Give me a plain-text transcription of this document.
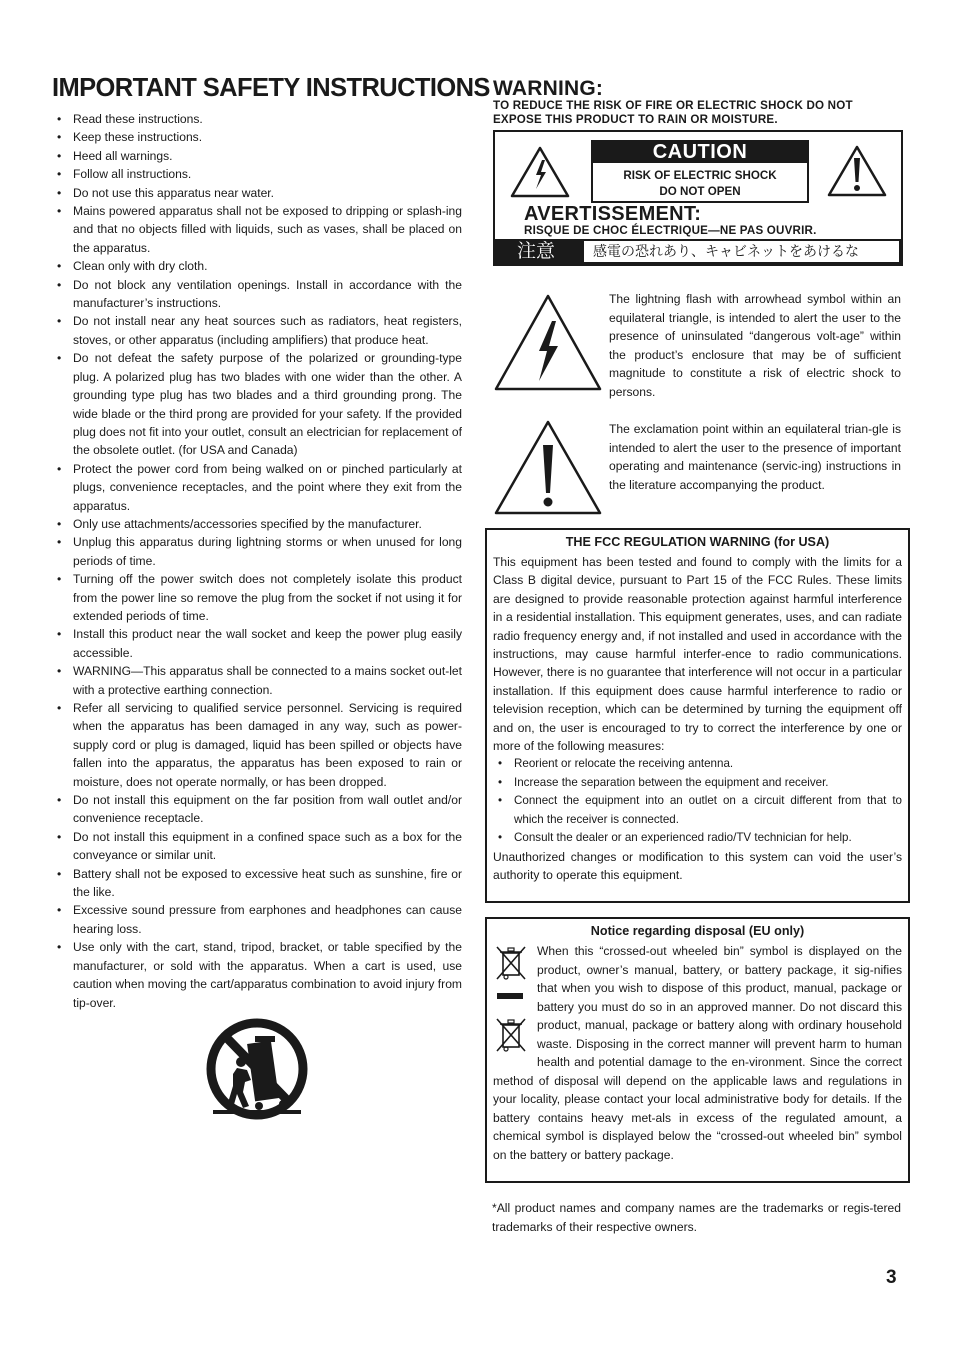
IMPORTANT SAFETY INSTRUCTIONS
• Read these instructions.
• Keep these instructions.
• Heed all warnings.
• Follow all instructions.
• Do not use this apparatus near water.
• Mains powered apparatus shall not be exposed to dripping or splash-ing and that no objects filled with liquids, such as vases, shall be placed on the apparatus.
• Clean only with dry cloth.
• Do not block any ventilation openings. Install in accordance with the manufacturer’s instructions.
• Do not install near any heat sources such as radiators, heat registers, stoves, or other apparatus (including amplifiers) that produce heat.
• Do not defeat the safety purpose of the polarized or grounding-type plug. A polarized plug has two blades with one wider than the other. A grounding type plug has two blades and a third grounding prong. The wide blade or the third prong are provided for your safety. If the provided plug does not fit into your outlet, consult an electrician for replacement of the obsolete outlet. (for USA and Canada)
• Protect the power cord from being walked on or pinched particularly at plugs, convenience receptacles, and the point where they exit from the apparatus.
• Only use attachments/accessories specified by the manufacturer.
• Unplug this apparatus during lightning storms or when unused for long periods of time.
• Turning off the power switch does not completely isolate this product from the power line so remove the plug from the socket if not using it for extended periods of time.
• Install this product near the wall socket and keep the power plug easily accessible.
• WARNING—This apparatus shall be connected to a mains socket out-let with a protective earthing connection.
• Refer all servicing to qualified service personnel. Servicing is required when the apparatus has been damaged in any way, such as power-supply cord or plug is damaged, liquid has been spilled or objects have fallen into the apparatus, the apparatus has been exposed to rain or moisture, does not operate normally, or has been dropped.
• Do not install this equipment on the far position from wall outlet and/or convenience receptacle.
• Do not install this equipment in a confined space such as a box for the conveyance or similar unit.
• Battery shall not be exposed to excessive heat such as sunshine, fire or the like.
• Excessive sound pressure from earphones and headphones can cause hearing loss.
• Use only with the cart, stand, tripod, bracket, or table specified by the manufacturer, or sold with the apparatus. When a cart is used, use caution when moving the cart/apparatus combination to avoid injury from tip-over.
WARNING:
TO REDUCE THE RISK OF FIRE OR ELECTRIC SHOCK DO NOT
EXPOSE THIS PRODUCT TO RAIN OR MOISTURE.
CAUTION
RISK OF ELECTRIC SHOCK
DO NOT OPEN
AVERTISSEMENT:
RISQUE DE CHOC ÉLECTRIQUE—NE PAS OUVRIR.
注意	感電の恐れあり、キャビネットをあけるな

The lightning flash with arrowhead symbol within an equilateral triangle, is intended to alert the user to the presence of uninsulated “dangerous volt-age” within the product’s enclosure that may be of sufficient magnitude to constitute a risk of electric shock to persons.

The exclamation point within an equilateral trian-gle is intended to alert the user to the presence of important operating and maintenance (servic-ing) instructions in the literature accompanying the product.

THE FCC REGULATION WARNING (for USA)

This equipment has been tested and found to comply with the limits for a Class B digital device, pursuant to Part 15 of the FCC Rules. These limits are designed to provide reasonable protection against harmful interference in a residential installation. This equipment generates, uses, and can radiate radio frequency energy and, if not installed and used in accordance with the instructions, may cause harmful interfer-ence to radio communications. However, there is no guarantee that interference will not occur in a particular installation. If this equipment does cause harmful interference to radio or television reception, which can be determined by turning the equipment off and on, the user is encouraged to try to correct the interference by one or more of the following measures:

• Reorient or relocate the receiving antenna.
• Increase the separation between the equipment and receiver.
• Connect the equipment into an outlet on a circuit different from that to which the receiver is connected.
• Consult the dealer or an experienced radio/TV technician for help.

Unauthorized changes or modification to this system can void the user’s authority to operate this equipment.

Notice regarding disposal (EU only)

When this “crossed-out wheeled bin” symbol is displayed on the product, owner’s manual, battery, or battery package, it sig-nifies that when you wish to dispose of this product, manual, package or battery you must do so in an approved manner. Do not discard this product, manual, package or battery along with ordinary household waste. Disposing in the correct manner will prevent harm to human health and potential damage to the en-vironment. Since the correct method of disposal will depend on the applicable laws and regulations in your locality, please contact your local administrative body for details. If the battery contains heavy met-als in excess of the regulated amount, a chemical symbol is displayed below the “crossed-out wheeled bin” symbol on the battery or battery package.

*All product names and company names are the trademarks or regis-tered trademarks of their respective owners.

3
